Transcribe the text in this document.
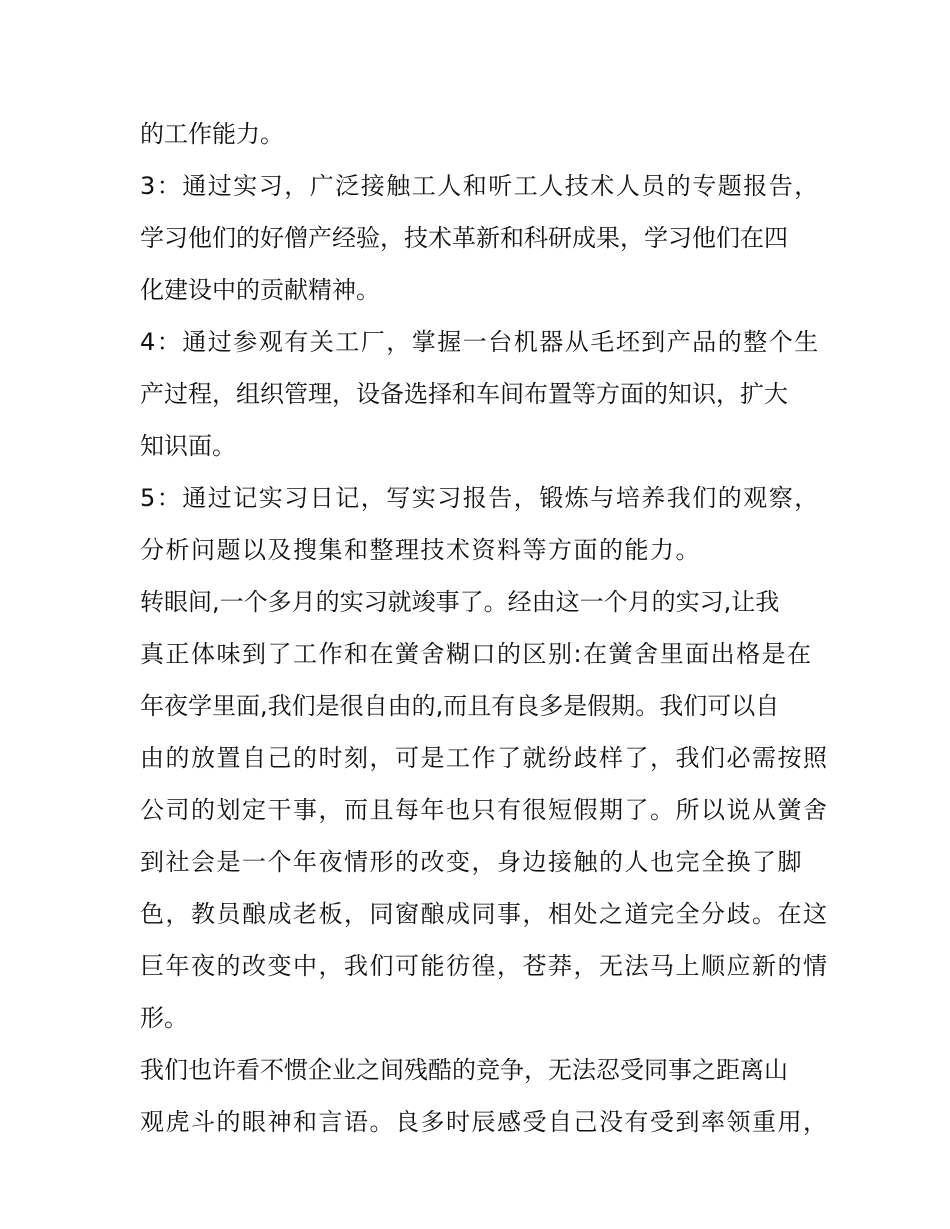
的工作能力。
3：通过实习，广泛接触工人和听工人技术人员的专题报告，
学习他们的好僧产经验，技术革新和科研成果，学习他们在四
化建设中的贡献精神。
4：通过参观有关工厂，掌握一台机器从毛坯到产品的整个生
产过程，组织管理，设备选择和车间布置等方面的知识，扩大
知识面。
5：通过记实习日记，写实习报告，锻炼与培养我们的观察，
分析问题以及搜集和整理技术资料等方面的能力。
转眼间,一个多月的实习就竣事了。经由这一个月的实习,让我
真正体味到了工作和在黉舍糊口的区别:在黉舍里面出格是在
年夜学里面,我们是很自由的,而且有良多是假期。我们可以自
由的放置自己的时刻，可是工作了就纷歧样了，我们必需按照
公司的划定干事，而且每年也只有很短假期了。所以说从黉舍
到社会是一个年夜情形的改变，身边接触的人也完全换了脚
色，教员酿成老板，同窗酿成同事，相处之道完全分歧。在这
巨年夜的改变中，我们可能彷徨，苍莽，无法马上顺应新的情
形。
我们也许看不惯企业之间残酷的竞争，无法忍受同事之距离山
观虎斗的眼神和言语。良多时辰感受自己没有受到率领重用，
